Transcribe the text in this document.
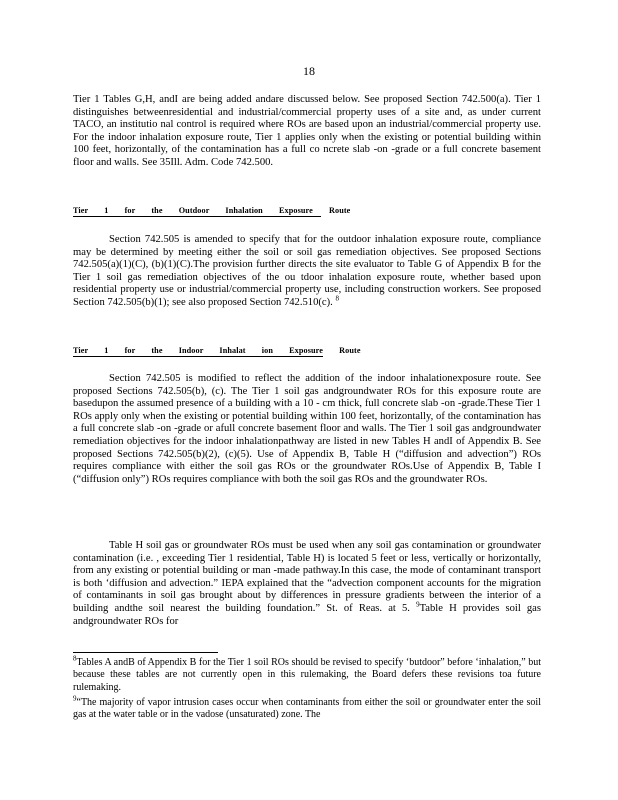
18
Tier 1 Tables G,H, andI are being added andare discussed below. See proposed Section 742.500(a). Tier 1 distinguishes betweenresidential and industrial/commercial property uses of a site and, as under current TACO, an institutio nal control is required where ROs are based upon an industrial/commercial property use. For the indoor inhalation exposure route, Tier 1 applies only when the existing or potential building within 100 feet, horizontally, of the contamination has a full co ncrete slab -on -grade or a full concrete basement floor and walls. See 35Ill. Adm. Code 742.500.
Tier 1 for the Outdoor Inhalation Exposure Route
Section 742.505 is amended to specify that for the outdoor inhalation exposure route, compliance may be determined by meeting either the soil or soil gas remediation objectives. See proposed Sections 742.505(a)(1)(C), (b)(1)(C).The provision further directs the site evaluator to Table G of Appendix B for the Tier 1 soil gas remediation objectives of the ou tdoor inhalation exposure route, whether based upon residential property use or industrial/commercial property use, including construction workers. See proposed Section 742.505(b)(1); see also proposed Section 742.510(c). $^8$
Tier 1 for the Indoor Inhalat ion Exposure Route
Section 742.505 is modified to reflect the addition of the indoor inhalationexposure route. See proposed Sections 742.505(b), (c). The Tier 1 soil gas andgroundwater ROs for this exposure route are basedupon the assumed presence of a building with a 10 - cm thick, full concrete slab -on -grade.These Tier 1 ROs apply only when the existing or potential building within 100 feet, horizontally, of the contamination has a full concrete slab -on -grade or afull concrete basement floor and walls. The Tier 1 soil gas andgroundwater remediation objectives for the indoor inhalationpathway are listed in new Tables H andI of Appendix B. See proposed Sections 742.505(b)(2), (c)(5). Use of Appendix B, Table H (“diffusion and advection”) ROs requires compliance with either the soil gas ROs or the groundwater ROs.Use of Appendix B, Table I (“diffusion only”) ROs requires compliance with both the soil gas ROs and the groundwater ROs.
Table H soil gas or groundwater ROs must be used when any soil gas contamination or groundwater contamination (i.e. , exceeding Tier 1 residential, Table H) is located 5 feet or less, vertically or horizontally, from any existing or potential building or man -made pathway.In this case, the mode of contaminant transport is both ‘diffusion and advection.” IEPA explained that the “advection component accounts for the migration of contaminants in soil gas brought about by differences in pressure gradients between the interior of a building andthe soil nearest the building foundation.” St. of Reas. at 5. $^9$Table H provides soil gas andgroundwater ROs for
$^8$Tables A andB of Appendix B for the Tier 1 soil ROs should be revised to specify ‘butdoor” before ‘inhalation,” but because these tables are not currently open in this rulemaking, the Board defers these revisions toa future rulemaking.
$^9$“The majority of vapor intrusion cases occur when contaminants from either the soil or groundwater enter the soil gas at the water table or in the vadose (unsaturated) zone. The
